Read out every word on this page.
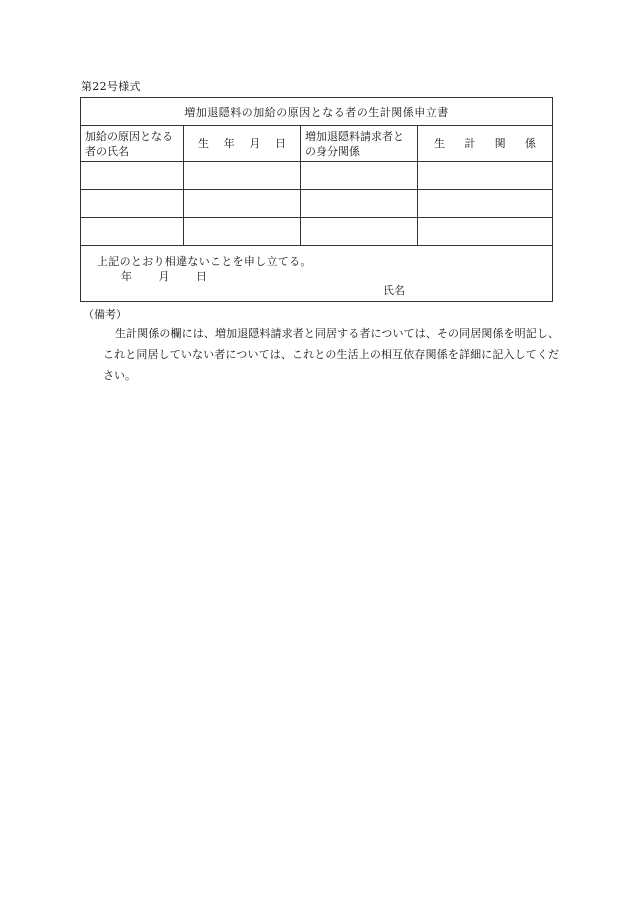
第22号様式
増加退隠料の加給の原因となる者の生計関係申立書			
加給の原因となる者の氏名	生 年 月 日	増加退隠料請求者との身分関係	生 計 関 係

上記のとおり相違ないことを申し立てる。
年 月 日
氏名			
（備考）
生計関係の欄には、増加退隠料請求者と同居する者については、その同居関係を明記し、これと同居していない者については、これとの生活上の相互依存関係を詳細に記入してください。
